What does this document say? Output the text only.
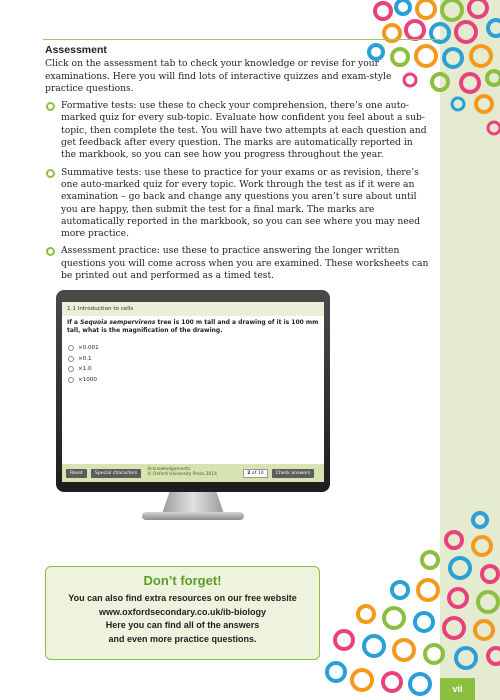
Assessment

Click on the assessment tab to check your knowledge or revise for your examinations. Here you will find lots of interactive quizzes and exam-style practice questions.

Formative tests: use these to check your comprehension, there’s one auto-marked quiz for every sub-topic. Evaluate how confident you feel about a sub-topic, then complete the test. You will have two attempts at each question and get feedback after every question. The marks are automatically reported in the markbook, so you can see how you progress throughout the year.
Summative tests: use these to practice for your exams or as revision, there’s one auto-marked quiz for every topic. Work through the test as if it were an examination – go back and change any questions you aren’t sure about until you are happy, then submit the test for a final mark. The marks are automatically reported in the markbook, so you can see where you may need more practice.
Assessment practice: use these to practice answering the longer written questions you will come across when you are examined. These worksheets can be printed out and performed as a timed test.
1.1 Introduction to cells
If a Sequoia sempervirens tree is 100 m tall and a drawing of it is 100 mm tall, what is the magnification of the drawing.
×0.001
×0.1
×1.0
×1000
Reset	Special characters
Acknowledgements
© Oxford University Press 2014	2 of 10	Check answers
Don’t forget!

You can also find extra resources on our free website

www.oxfordsecondary.co.uk/ib-biology

Here you can find all of the answers

and even more practice questions.

vii
